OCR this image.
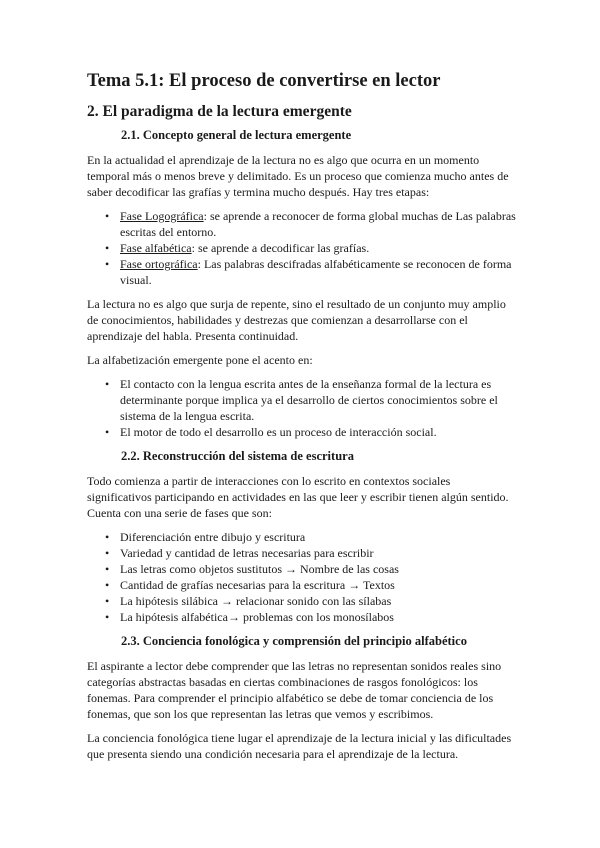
Tema 5.1: El proceso de convertirse en lector
2. El paradigma de la lectura emergente
2.1. Concepto general de lectura emergente

En la actualidad el aprendizaje de la lectura no es algo que ocurra en un momento temporal más o menos breve y delimitado. Es un proceso que comienza mucho antes de saber decodificar las grafías y termina mucho después. Hay tres etapas:

• Fase Logográfica: se aprende a reconocer de forma global muchas de Las palabras escritas del entorno.
• Fase alfabética: se aprende a decodificar las grafías.
• Fase ortográfica: Las palabras descifradas alfabéticamente se reconocen de forma visual.

La lectura no es algo que surja de repente, sino el resultado de un conjunto muy amplio de conocimientos, habilidades y destrezas que comienzan a desarrollarse con el aprendizaje del habla. Presenta continuidad.

La alfabetización emergente pone el acento en:

• El contacto con la lengua escrita antes de la enseñanza formal de la lectura es determinante porque implica ya el desarrollo de ciertos conocimientos sobre el sistema de la lengua escrita.
• El motor de todo el desarrollo es un proceso de interacción social.
2.2. Reconstrucción del sistema de escritura

Todo comienza a partir de interacciones con lo escrito en contextos sociales significativos participando en actividades en las que leer y escribir tienen algún sentido. Cuenta con una serie de fases que son:

• Diferenciación entre dibujo y escritura
• Variedad y cantidad de letras necesarias para escribir
• Las letras como objetos sustitutos → Nombre de las cosas
• Cantidad de grafías necesarias para la escritura → Textos
• La hipótesis silábica → relacionar sonido con las sílabas
• La hipótesis alfabética→ problemas con los monosílabos
2.3. Conciencia fonológica y comprensión del principio alfabético

El aspirante a lector debe comprender que las letras no representan sonidos reales sino categorías abstractas basadas en ciertas combinaciones de rasgos fonológicos: los fonemas. Para comprender el principio alfabético se debe de tomar conciencia de los fonemas, que son los que representan las letras que vemos y escribimos.

La conciencia fonológica tiene lugar el aprendizaje de la lectura inicial y las dificultades que presenta siendo una condición necesaria para el aprendizaje de la lectura.
